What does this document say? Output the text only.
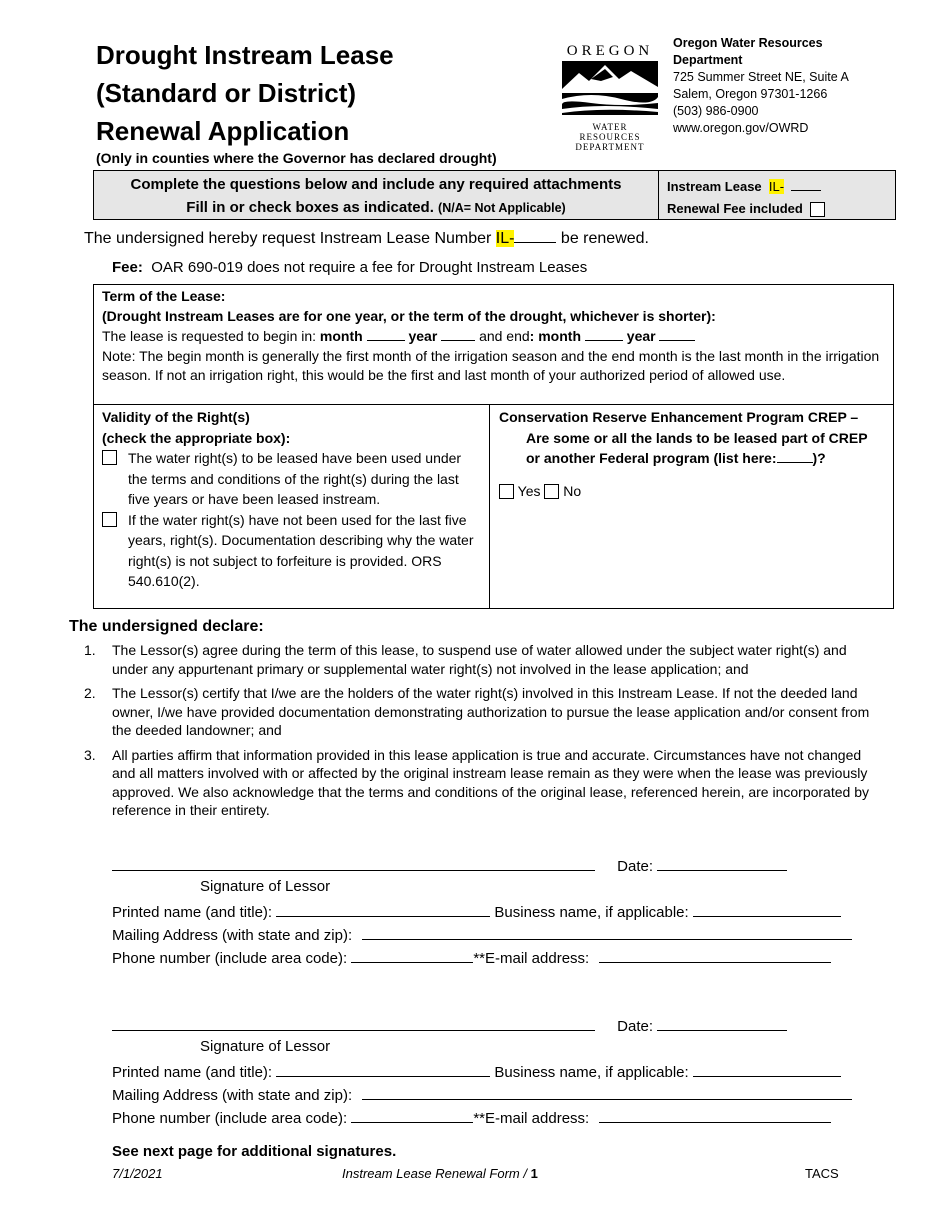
Drought Instream Lease
(Standard or District)
Renewal Application
(Only in counties where the Governor has declared drought)
OREGON
WATER RESOURCES
DEPARTMENT
Oregon Water Resources
Department
725 Summer Street NE, Suite A
Salem, Oregon 97301-1266
(503) 986-0900
www.oregon.gov/OWRD
Complete the questions below and include any required attachments
Fill in or check boxes as indicated. (N/A= Not Applicable)
Instream Lease IL-
Renewal Fee included
The undersigned hereby request Instream Lease Number IL-	be renewed.
Fee: OAR 690-019 does not require a fee for Drought Instream Leases
Term of the Lease:
(Drought Instream Leases are for one year, or the term of the drought, whichever is shorter):
The lease is requested to begin in: month	year	and end: month	year
Note: The begin month is generally the first month of the irrigation season and the end month is the last month in the irrigation season. If not an irrigation right, this would be the first and last month of your authorized period of allowed use.
Validity of the Right(s)
(check the appropriate box):
The water right(s) to be leased have been used under the terms and conditions of the right(s) during the last five years or have been leased instream.
If the water right(s) have not been used for the last five years, right(s). Documentation describing why the water right(s) is not subject to forfeiture is provided. ORS 540.610(2).
Conservation Reserve Enhancement Program CREP –
Are some or all the lands to be leased part of CREP or another Federal program (list here:	)?
Yes No
The undersigned declare:
1. The Lessor(s) agree during the term of this lease, to suspend use of water allowed under the subject water right(s) and under any appurtenant primary or supplemental water right(s) not involved in the lease application; and
2. The Lessor(s) certify that I/we are the holders of the water right(s) involved in this Instream Lease. If not the deeded land owner, I/we have provided documentation demonstrating authorization to pursue the lease application and/or consent from the deeded landowner; and
3. All parties affirm that information provided in this lease application is true and accurate. Circumstances have not changed and all matters involved with or affected by the original instream lease remain as they were when the lease was previously approved. We also acknowledge that the terms and conditions of the original lease, referenced herein, are incorporated by reference in their entirety.
Date:
Signature of Lessor
Printed name (and title):	Business name, if applicable:
Mailing Address (with state and zip):
Phone number (include area code):	**E-mail address:
Date:
Signature of Lessor
Printed name (and title):	Business name, if applicable:
Mailing Address (with state and zip):
Phone number (include area code):	**E-mail address:
See next page for additional signatures.
7/1/2021	Instream Lease Renewal Form / 1	TACS
